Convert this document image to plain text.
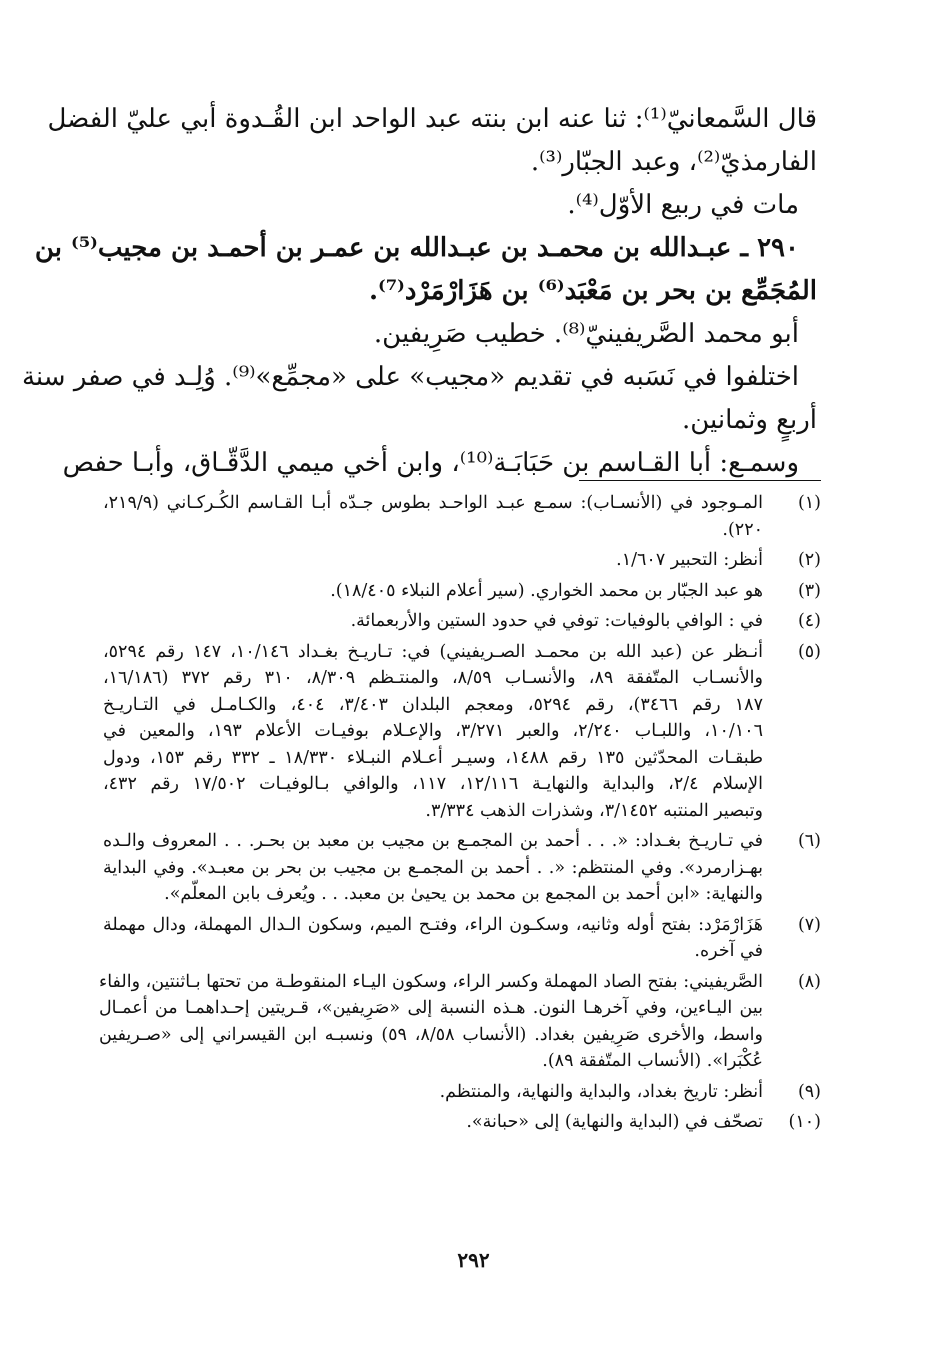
قال السَّمعانيّ⁽¹⁾: ثنا عنه ابن بنته عبد الواحد ابن القُـدوة أبي عليّ الفضل
الفارمذيّ⁽²⁾، وعبد الجبّار⁽³⁾.
مات في ربيع الأوّل⁽⁴⁾.
٢٩٠ ـ عبـدالله بن محمـد بن عبـدالله بن عمـر بن أحمـد بن مجيب⁽⁵⁾ بن
المُجَمِّع بن بحر بن مَعْبَد⁽⁶⁾ بن هَزَارْمَرْد⁽⁷⁾.
أبو محمد الصَّريفينيّ⁽⁸⁾. خطيب صَرِيفين.
اختلفوا في نَسَبه في تقديم «مجيب» على «مجمِّع»⁽⁹⁾. وُلِـد في صفر سنة
أربعٍ وثمانين.
وسمـع: أبا القـاسم بن حَبَابَـة⁽¹⁰⁾، وابن أخي ميمي الدَّقّـاق، وأبـا حفص
(١)
المـوجود في (الأنسـاب): سمـع عبـد الواحـد بطوس جـدّه أبـا القـاسم الكُـركـاني (٢١٩/٩،
٢٢٠).
(٢)
أنظر: التحبير ١/٦٠٧.
(٣)
هو عبد الجبّار بن محمد الخواري. (سير أعلام النبلاء ١٨/٤٠٥).
(٤)
في : الوافي بالوفيات: توفي في حدود الستين والأربعمائة.
(٥)
أنـظر عن (عبد الله بن محمـد الصـريفيني) في: تـاريـخ بغـداد ١٠/١٤٦، ١٤٧ رقم ٥٢٩٤،
والأنسـاب المتّفقة ٨٩، والأنسـاب ٨/٥٩، والمنتـظم ٨/٣٠٩، ٣١٠ رقم ٣٧٢ (١٦/١٨٦،
١٨٧ رقم ٣٤٦٦)، رقم ٥٢٩٤، ومعجم البلدان ٣/٤٠٣، ٤٠٤، والكـامـل في التـاريـخ
١٠/١٠٦، واللبـاب ٢/٢٤٠، والعبر ٣/٢٧١، والإعـلام بوفيـات الأعلام ١٩٣، والمعين في
طبقـات المحدّثين ١٣٥ رقم ١٤٨٨، وسيـر أعـلام النبـلاء ١٨/٣٣٠ ـ ٣٣٢ رقم ١٥٣، ودول
الإسلام ٢/٤، والبداية والنهايـة ١٢/١١٦، ١١٧، والوافي بـالوفيـات ١٧/٥٠٢ رقم ٤٣٢،
وتبصير المنتبه ٣/١٤٥٢، وشذرات الذهب ٣/٣٣٤.
(٦)
في تـاريـخ بغـداد: «. . . أحمد بن المجمـع بن مجيب بن معبد بن بحـر. . . المعروف والـده
بهـزارمرد». وفي المنتظم: «. . أحمد بن المجمـع بن مجيب بن بحر بن معبـد». وفي البداية
والنهاية: «ابن أحمد بن المجمع بن محمد بن يحيىٰ بن معبد. . . ويُعرف بابن المعلّم».
(٧)
هَزَارْمَرْد: بفتح أوله وثانيه، وسكـون الراء، وفتـح الميم، وسكون الـدال المهملة، ودال مهملة
في آخره.
(٨)
الصَّريفيني: بفتح الصاد المهملة وكسر الراء، وسكون اليـاء المنقوطـة من تحتها بـاثنتين، والفاء
بين اليـاءين، وفي آخرهـا النون. هـذه النسبة إلى «صَرِيفين»، قـريتين إحـداهمـا من أعمـال
واسط، والأخرى صَرِيفين بغداد. (الأنساب ٨/٥٨، ٥٩) ونسبـه ابن القيسراني إلى «صـريفين
عُكْبَرا». (الأنساب المتّفقة ٨٩).
(٩)
أنظر: تاريخ بغداد، والبداية والنهاية، والمنتظم.
(١٠)
تصحّف في (البداية والنهاية) إلى «حبانة».
٢٩٢
